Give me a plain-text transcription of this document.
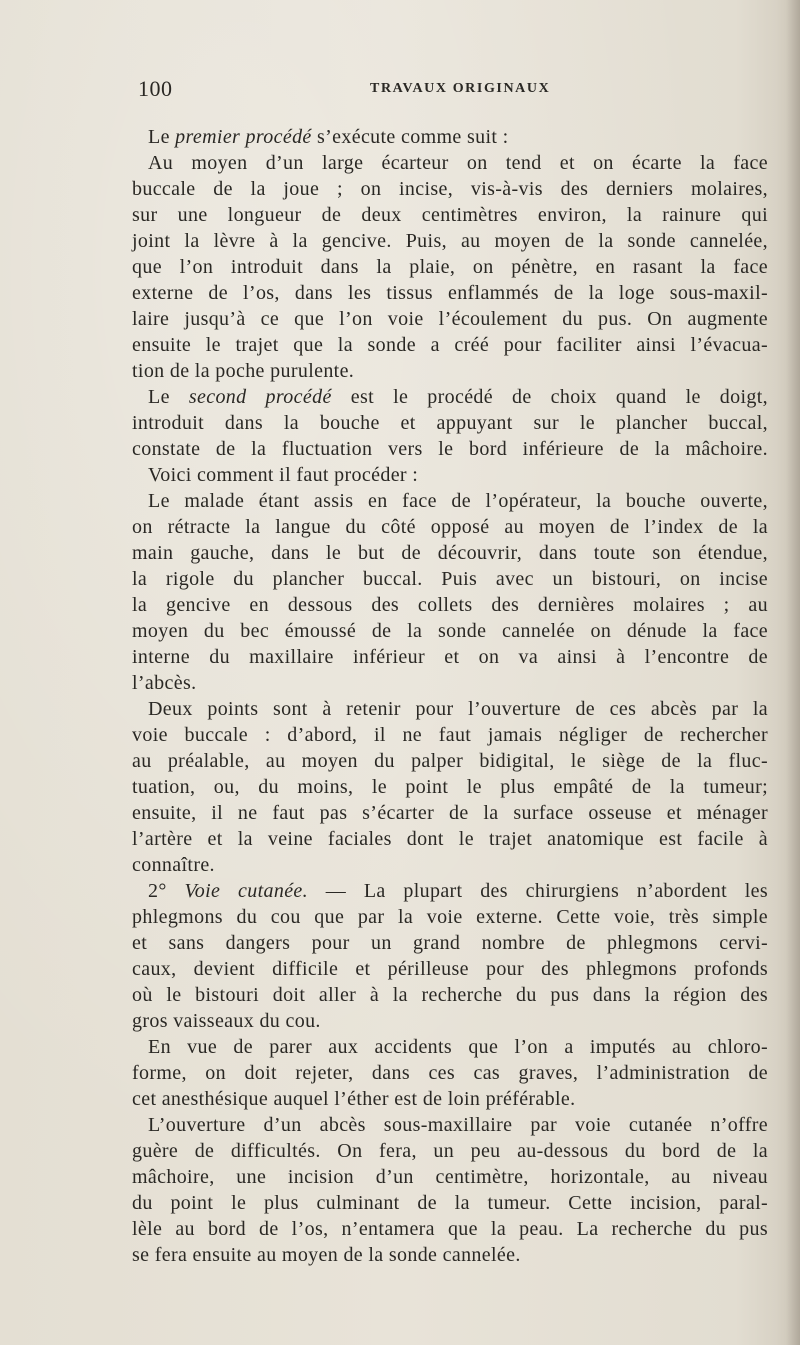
100	TRAVAUX ORIGINAUX
Le premier procédé s’exécute comme suit :
Au moyen d’un large écarteur on tend et on écarte la face
buccale de la joue ; on incise, vis-à-vis des derniers molaires,
sur une longueur de deux centimètres environ, la rainure qui
joint la lèvre à la gencive. Puis, au moyen de la sonde cannelée,
que l’on introduit dans la plaie, on pénètre, en rasant la face
externe de l’os, dans les tissus enflammés de la loge sous-maxil-
laire jusqu’à ce que l’on voie l’écoulement du pus. On augmente
ensuite le trajet que la sonde a créé pour faciliter ainsi l’évacua-
tion de la poche purulente.
Le second procédé est le procédé de choix quand le doigt,
introduit dans la bouche et appuyant sur le plancher buccal,
constate de la fluctuation vers le bord inférieure de la mâchoire.
Voici comment il faut procéder :
Le malade étant assis en face de l’opérateur, la bouche ouverte,
on rétracte la langue du côté opposé au moyen de l’index de la
main gauche, dans le but de découvrir, dans toute son étendue,
la rigole du plancher buccal. Puis avec un bistouri, on incise
la gencive en dessous des collets des dernières molaires ; au
moyen du bec émoussé de la sonde cannelée on dénude la face
interne du maxillaire inférieur et on va ainsi à l’encontre de
l’abcès.
Deux points sont à retenir pour l’ouverture de ces abcès par la
voie buccale : d’abord, il ne faut jamais négliger de rechercher
au préalable, au moyen du palper bidigital, le siège de la fluc-
tuation, ou, du moins, le point le plus empâté de la tumeur;
ensuite, il ne faut pas s’écarter de la surface osseuse et ménager
l’artère et la veine faciales dont le trajet anatomique est facile à
connaître.
2° Voie cutanée. — La plupart des chirurgiens n’abordent les
phlegmons du cou que par la voie externe. Cette voie, très simple
et sans dangers pour un grand nombre de phlegmons cervi-
caux, devient difficile et périlleuse pour des phlegmons profonds
où le bistouri doit aller à la recherche du pus dans la région des
gros vaisseaux du cou.
En vue de parer aux accidents que l’on a imputés au chloro-
forme, on doit rejeter, dans ces cas graves, l’administration de
cet anesthésique auquel l’éther est de loin préférable.
L’ouverture d’un abcès sous-maxillaire par voie cutanée n’offre
guère de difficultés. On fera, un peu au-dessous du bord de la
mâchoire, une incision d’un centimètre, horizontale, au niveau
du point le plus culminant de la tumeur. Cette incision, paral-
lèle au bord de l’os, n’entamera que la peau. La recherche du pus
se fera ensuite au moyen de la sonde cannelée.
